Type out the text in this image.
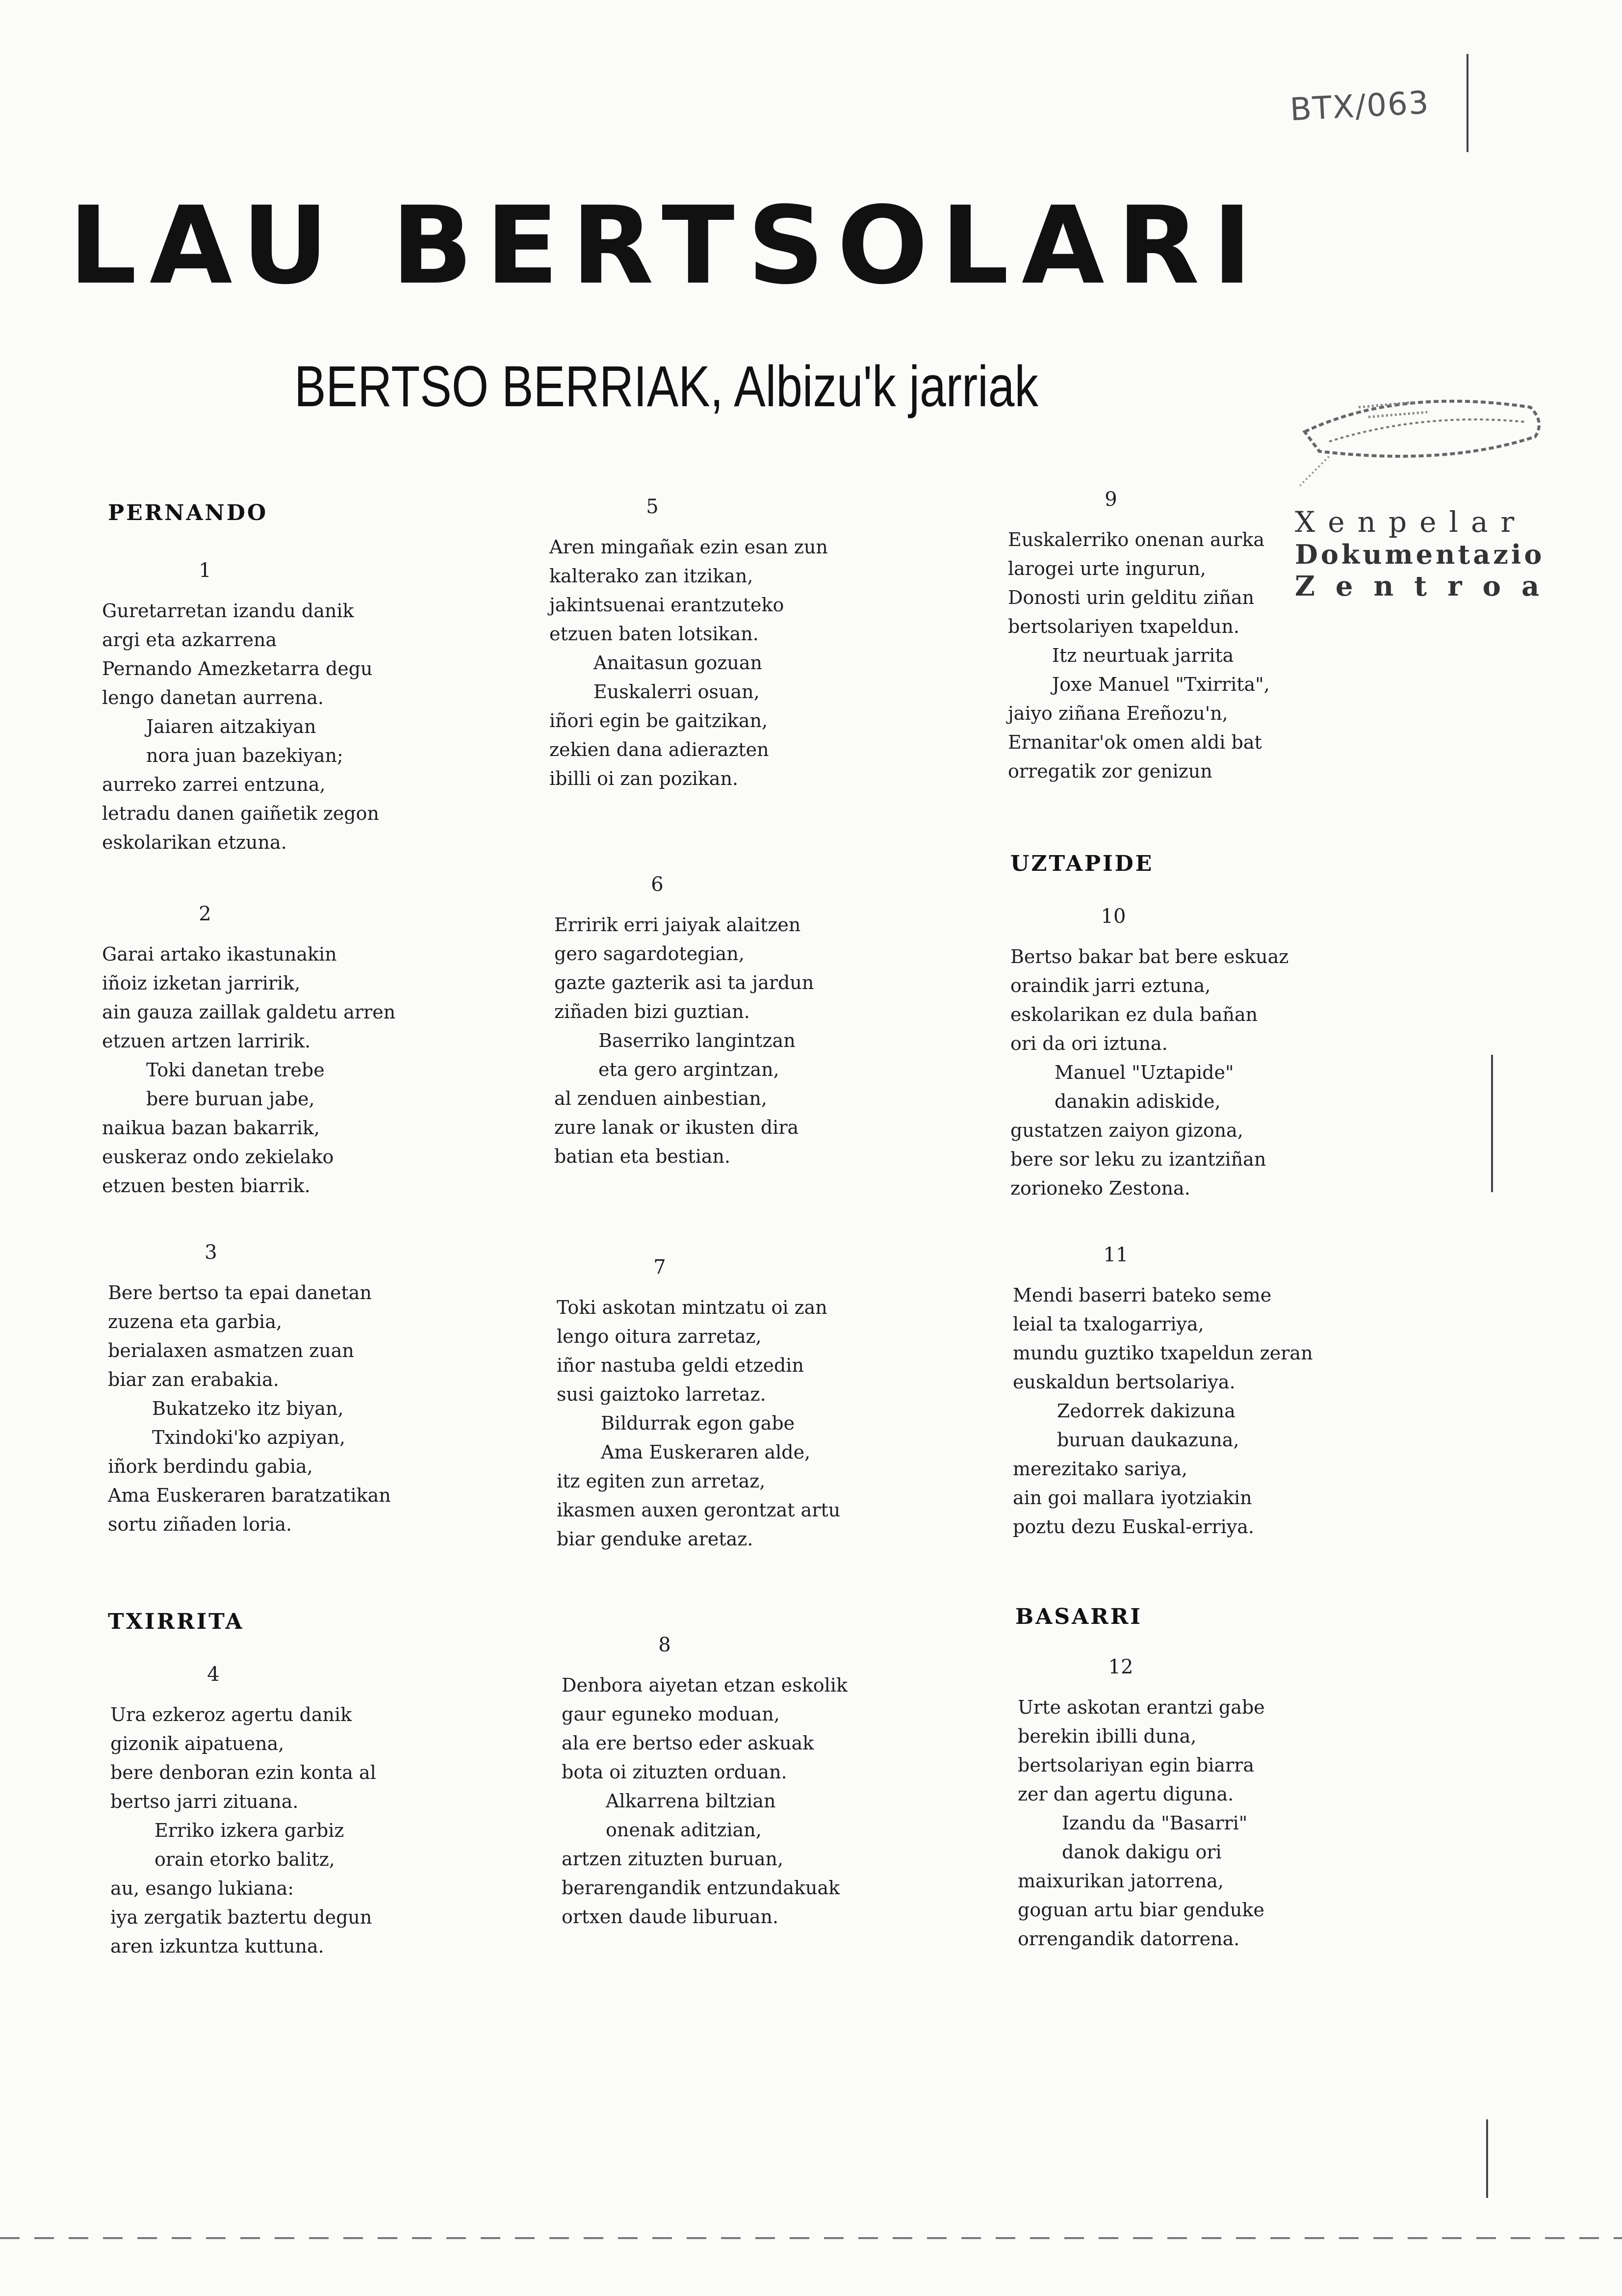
BTX/063
LAU BERTSOLARI
BERTSO BERRIAK, Albizu'k jarriak
Xenpelar
Dokumentazio
Zentroa
PERNANDO
1
Guretarretan izandu danik
argi eta azkarrena
Pernando Amezketarra degu
lengo danetan aurrena.
Jaiaren aitzakiyan
nora juan bazekiyan;
aurreko zarrei entzuna,
letradu danen gaiñetik zegon
eskolarikan etzuna.
2
Garai artako ikastunakin
iñoiz izketan jarririk,
ain gauza zaillak galdetu arren
etzuen artzen larririk.
Toki danetan trebe
bere buruan jabe,
naikua bazan bakarrik,
euskeraz ondo zekielako
etzuen besten biarrik.
3
Bere bertso ta epai danetan
zuzena eta garbia,
berialaxen asmatzen zuan
biar zan erabakia.
Bukatzeko itz biyan,
Txindoki'ko azpiyan,
iñork berdindu gabia,
Ama Euskeraren baratzatikan
sortu ziñaden loria.
TXIRRITA
4
Ura ezkeroz agertu danik
gizonik aipatuena,
bere denboran ezin konta al
bertso jarri zituana.
Erriko izkera garbiz
orain etorko balitz,
au, esango lukiana:
iya zergatik baztertu degun
aren izkuntza kuttuna.
5
Aren mingañak ezin esan zun
kalterako zan itzikan,
jakintsuenai erantzuteko
etzuen baten lotsikan.
Anaitasun gozuan
Euskalerri osuan,
iñori egin be gaitzikan,
zekien dana adierazten
ibilli oi zan pozikan.
6
Erririk erri jaiyak alaitzen
gero sagardotegian,
gazte gazterik asi ta jardun
ziñaden bizi guztian.
Baserriko langintzan
eta gero argintzan,
al zenduen ainbestian,
zure lanak or ikusten dira
batian eta bestian.
7
Toki askotan mintzatu oi zan
lengo oitura zarretaz,
iñor nastuba geldi etzedin
susi gaiztoko larretaz.
Bildurrak egon gabe
Ama Euskeraren alde,
itz egiten zun arretaz,
ikasmen auxen gerontzat artu
biar genduke aretaz.
8
Denbora aiyetan etzan eskolik
gaur eguneko moduan,
ala ere bertso eder askuak
bota oi zituzten orduan.
Alkarrena biltzian
onenak aditzian,
artzen zituzten buruan,
berarengandik entzundakuak
ortxen daude liburuan.
9
Euskalerriko onenan aurka
larogei urte ingurun,
Donosti urin gelditu ziñan
bertsolariyen txapeldun.
Itz neurtuak jarrita
Joxe Manuel "Txirrita",
jaiyo ziñana Ereñozu'n,
Ernanitar'ok omen aldi bat
orregatik zor genizun
UZTAPIDE
10
Bertso bakar bat bere eskuaz
oraindik jarri eztuna,
eskolarikan ez dula bañan
ori da ori iztuna.
Manuel "Uztapide"
danakin adiskide,
gustatzen zaiyon gizona,
bere sor leku zu izantziñan
zorioneko Zestona.
11
Mendi baserri bateko seme
leial ta txalogarriya,
mundu guztiko txapeldun zeran
euskaldun bertsolariya.
Zedorrek dakizuna
buruan daukazuna,
merezitako sariya,
ain goi mallara iyotziakin
poztu dezu Euskal-erriya.
BASARRI
12
Urte askotan erantzi gabe
berekin ibilli duna,
bertsolariyan egin biarra
zer dan agertu diguna.
Izandu da "Basarri"
danok dakigu ori
maixurikan jatorrena,
goguan artu biar genduke
orrengandik datorrena.
